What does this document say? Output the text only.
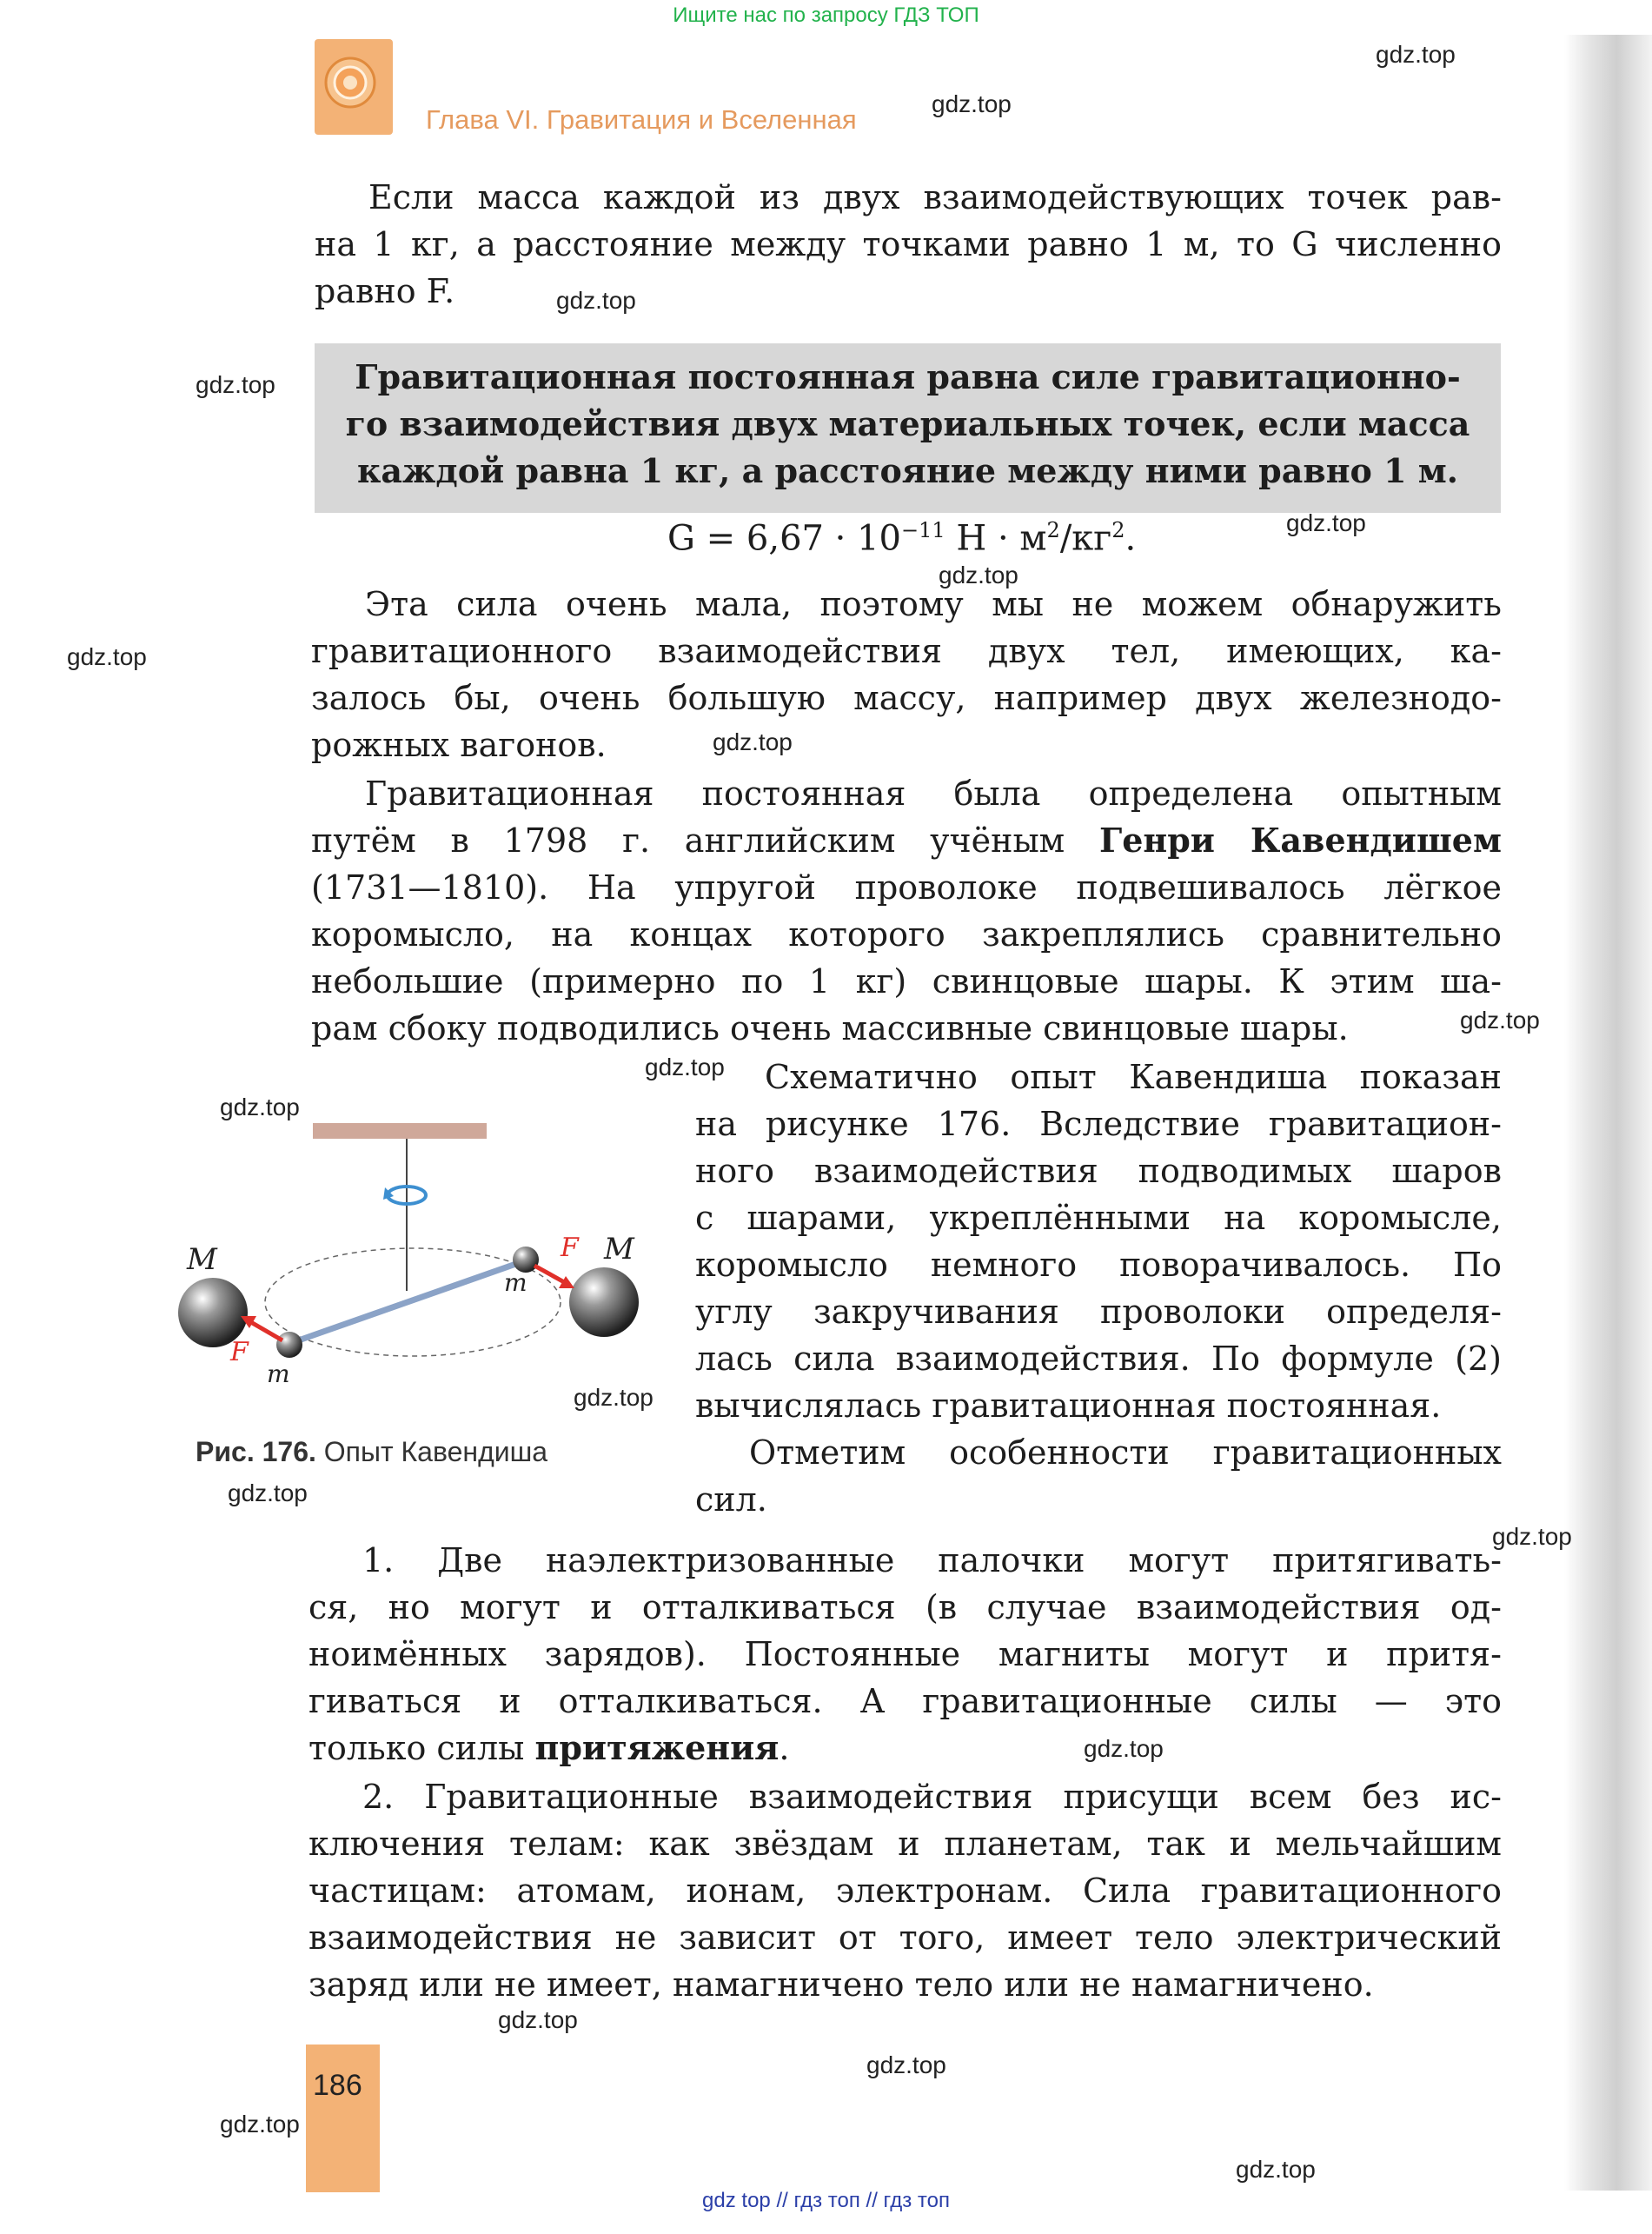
Ищите нас по запросу ГДЗ ТОП
Глава VI. Гравитация и Вселенная
Если масса каждой из двух взаимодействующих точек рав-
на 1 кг, а расстояние между точками равно 1 м, то G численно
равно F.
Гравитационная постоянная равна силе гравитационно-
го взаимодействия двух материальных точек, если масса
каждой равна 1 кг, а расстояние между ними равно 1 м.
$G = 6,67 \cdot 10^{-11}$ $Н \cdot м^2/кг^2$.
Эта сила очень мала, поэтому мы не можем обнаружить
гравитационного взаимодействия двух тел, имеющих, ка-
залось бы, очень большую массу, например двух железнодо-
рожных вагонов.
Гравитационная постоянная была определена опытным
путём в 1798 г. английским учёным Генри Кавендишем
(1731—1810). На упругой проволоке подвешивалось лёгкое
коромысло, на концах которого закреплялись сравнительно
небольшие (примерно по 1 кг) свинцовые шары. К этим ша-
рам сбоку подводились очень массивные свинцовые шары.
Схематично опыт Кавендиша показан
на рисунке 176. Вследствие гравитацион-
ного взаимодействия подводимых шаров
с шарами, укреплёнными на коромысле,
коромысло немного поворачивалось. По
углу закручивания проволоки определя-
лась сила взаимодействия. По формуле (2)
вычислялась гравитационная постоянная.
Отметим особенности гравитационных
сил.
M	M
m
m
F
F
Рис. 176. Опыт Кавендиша
1. Две наэлектризованные палочки могут притягивать-
ся, но могут и отталкиваться (в случае взаимодействия од-
ноимённых зарядов). Постоянные магниты могут и притя-
гиваться и отталкиваться. А гравитационные силы — это
только силы притяжения.
2. Гравитационные взаимодействия присущи всем без ис-
ключения телам: как звёздам и планетам, так и мельчайшим
частицам: атомам, ионам, электронам. Сила гравитационного
взаимодействия не зависит от того, имеет тело электрический
заряд или не имеет, намагничено тело или не намагничено.
gdz.top
gdz.top
gdz.top
gdz.top
gdz.top
gdz.top
gdz.top
gdz.top
gdz.top
gdz.top
gdz.top
gdz.top
gdz.top
gdz.top
gdz.top
gdz.top
gdz.top
gdz.top
gdz.top
186
gdz top // гдз топ // гдз топ
